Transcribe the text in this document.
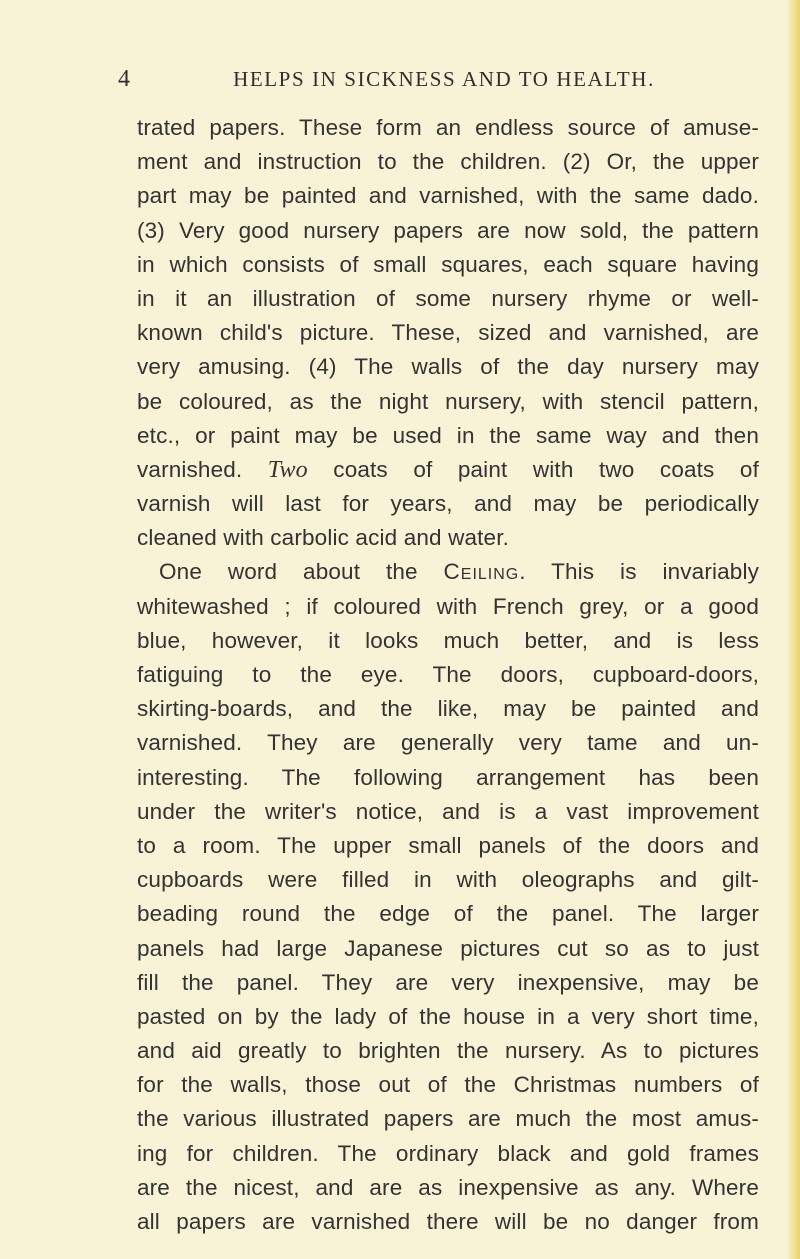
4	HELPS IN SICKNESS AND TO HEALTH.
trated papers. These form an endless source of amuse-
ment and instruction to the children. (2) Or, the upper
part may be painted and varnished, with the same dado.
(3) Very good nursery papers are now sold, the pattern
in which consists of small squares, each square having
in it an illustration of some nursery rhyme or well-
known child's picture. These, sized and varnished, are
very amusing. (4) The walls of the day nursery may
be coloured, as the night nursery, with stencil pattern,
etc., or paint may be used in the same way and then
varnished. Two coats of paint with two coats of
varnish will last for years, and may be periodically
cleaned with carbolic acid and water.
One word about the Ceiling. This is invariably
whitewashed ; if coloured with French grey, or a good
blue, however, it looks much better, and is less
fatiguing to the eye. The doors, cupboard-doors,
skirting-boards, and the like, may be painted and
varnished. They are generally very tame and un-
interesting. The following arrangement has been
under the writer's notice, and is a vast improvement
to a room. The upper small panels of the doors and
cupboards were filled in with oleographs and gilt-
beading round the edge of the panel. The larger
panels had large Japanese pictures cut so as to just
fill the panel. They are very inexpensive, may be
pasted on by the lady of the house in a very short time,
and aid greatly to brighten the nursery. As to pictures
for the walls, those out of the Christmas numbers of
the various illustrated papers are much the most amus-
ing for children. The ordinary black and gold frames
are the nicest, and are as inexpensive as any. Where
all papers are varnished there will be no danger from
